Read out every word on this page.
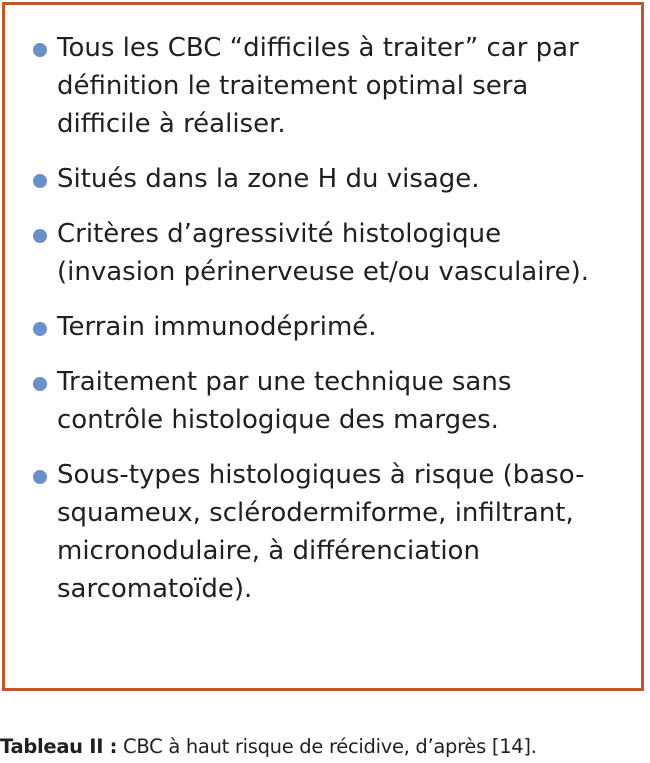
Tous les CBC “difficiles à traiter” car par définition le traitement optimal sera difficile à réaliser.
Situés dans la zone H du visage.
Critères d’agressivité histologique (invasion périnerveuse et/ou vasculaire).
Terrain immunodéprimé.
Traitement par une technique sans contrôle histologique des marges.
Sous-types histologiques à risque (baso-squameux, sclérodermiforme, infiltrant, micronodulaire, à différenciation sarcomatoïde).
Tableau II : CBC à haut risque de récidive, d’après [14].
